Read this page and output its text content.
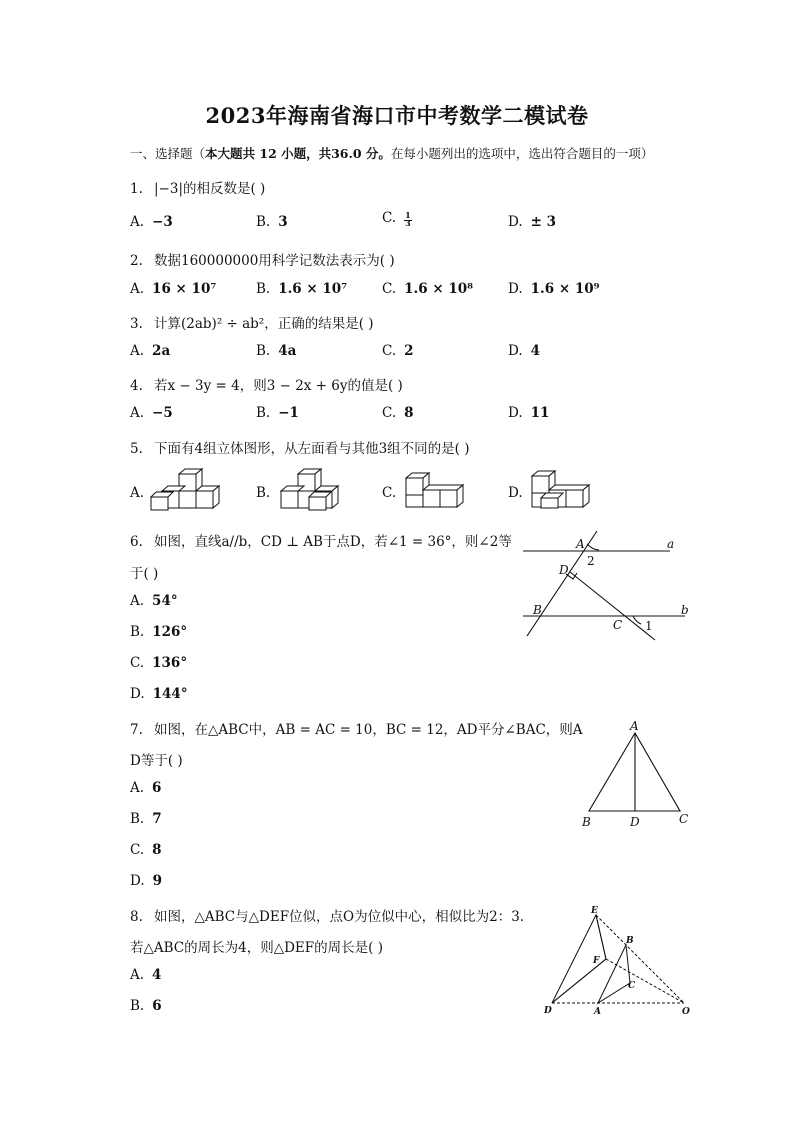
2023年海南省海口市中考数学二模试卷
一、选择题（本大题共 12 小题，共36.0 分。在每小题列出的选项中，选出符合题目的一项）
1. |−3|的相反数是( )
A. −3	B. 3	C. 1
3	D. ± 3
2. 数据160000000用科学记数法表示为( )
A. 16 × 10⁷	B. 1.6 × 10⁷	C. 1.6 × 10⁸	D. 1.6 × 10⁹
3. 计算(2ab)² ÷ ab²，正确的结果是( )
A. 2a	B. 4a	C. 2	D. 4
4. 若x − 3y = 4，则3 − 2x + 6y的值是( )
A. −5	B. −1	C. 8	D. 11
5. 下面有4组立体图形，从左面看与其他3组不同的是( )
A.	B.	C.	D.
6. 如图，直线a//b，CD ⊥ AB于点D，若∠1 = 36°，则∠2等
于( )
A. 54°
B. 126°
C. 136°
D. 144°
A	a
2
D
B	b
C 1
7. 如图，在△ABC中，AB = AC = 10，BC = 12，AD平分∠BAC，则A
D等于( )
A. 6
B. 7
C. 8
D. 9
A
B	D	C
8. 如图，△ABC与△DEF位似，点O为位似中心，相似比为2：3.
若△ABC的周长为4，则△DEF的周长是( )
A. 4
B. 6
E
B
F
C
D	A	O
